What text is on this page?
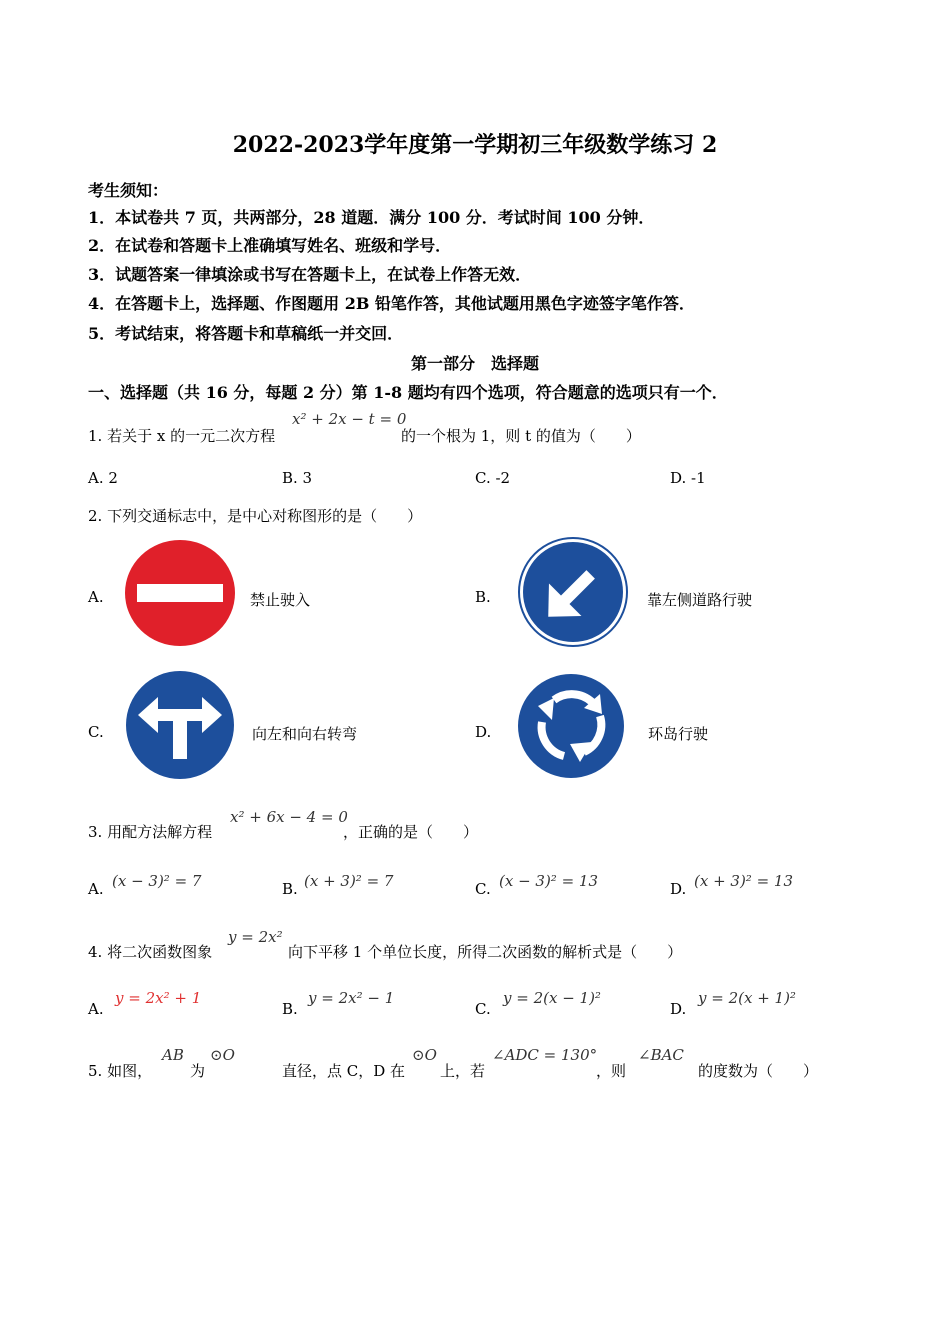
2022-2023学年度第一学期初三年级数学练习 2
考生须知：
1．本试卷共 7 页，共两部分，28 道题．满分 100 分．考试时间 100 分钟．
2．在试卷和答题卡上准确填写姓名、班级和学号．
3．试题答案一律填涂或书写在答题卡上，在试卷上作答无效．
4．在答题卡上，选择题、作图题用 2B 铅笔作答，其他试题用黑色字迹签字笔作答．
5．考试结束，将答题卡和草稿纸一并交回．
第一部分　选择题
一、选择题（共 16 分，每题 2 分）第 1-8 题均有四个选项，符合题意的选项只有一个．
1. 若关于 x 的一元二次方程
x² + 2x − t = 0
的一个根为 1，则 t 的值为（　　）
A. 2	B. 3	C. -2	D. -1
2. 下列交通标志中，是中心对称图形的是（　　）
A.	禁止驶入	B.	靠左侧道路行驶
C.	向左和向右转弯	D.	环岛行驶
3. 用配方法解方程
x² + 6x − 4 = 0
，正确的是（　　）
A. (x − 3)² = 7	B. (x + 3)² = 7	C. (x − 3)² = 13	D. (x + 3)² = 13
4. 将二次函数图象
y = 2x²
向下平移 1 个单位长度，所得二次函数的解析式是（　　）
A.
y = 2x² + 1
B.
y = 2x² − 1
C.
y = 2(x − 1)²
D.
y = 2(x + 1)²
5. 如图，
AB
为
⊙O
直径，点 C，D 在
⊙O
上，若
∠ADC = 130°
，则
∠BAC
的度数为（　　）
